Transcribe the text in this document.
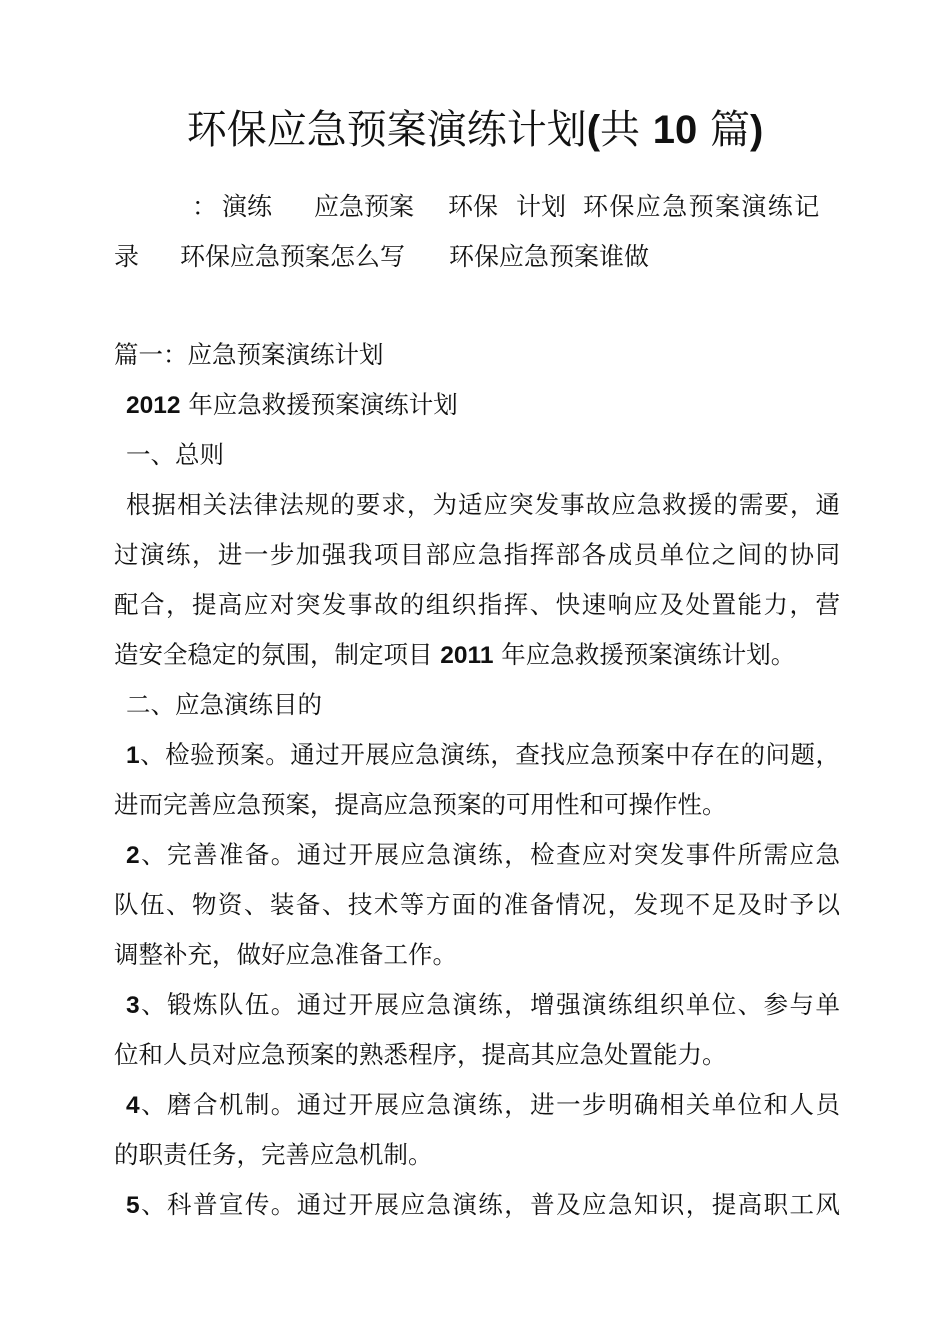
环保应急预案演练计划(共 10 篇)
： 演练 应急预案 环保 计划 环保应急预案演练记
录 环保应急预案怎么写 环保应急预案谁做
篇一：应急预案演练计划
2012 年应急救援预案演练计划
一、总则
根据相关法律法规的要求，为适应突发事故应急救援的需要，通
过演练，进一步加强我项目部应急指挥部各成员单位之间的协同
配合，提高应对突发事故的组织指挥、快速响应及处置能力，营
造安全稳定的氛围，制定项目 2011 年应急救援预案演练计划。
二、应急演练目的
1、检验预案。通过开展应急演练，查找应急预案中存在的问题，
进而完善应急预案，提高应急预案的可用性和可操作性。
2、完善准备。通过开展应急演练，检查应对突发事件所需应急
队伍、物资、装备、技术等方面的准备情况，发现不足及时予以
调整补充，做好应急准备工作。
3、锻炼队伍。通过开展应急演练，增强演练组织单位、参与单
位和人员对应急预案的熟悉程序，提高其应急处置能力。
4、磨合机制。通过开展应急演练，进一步明确相关单位和人员
的职责任务，完善应急机制。
5、科普宣传。通过开展应急演练，普及应急知识，提高职工风
